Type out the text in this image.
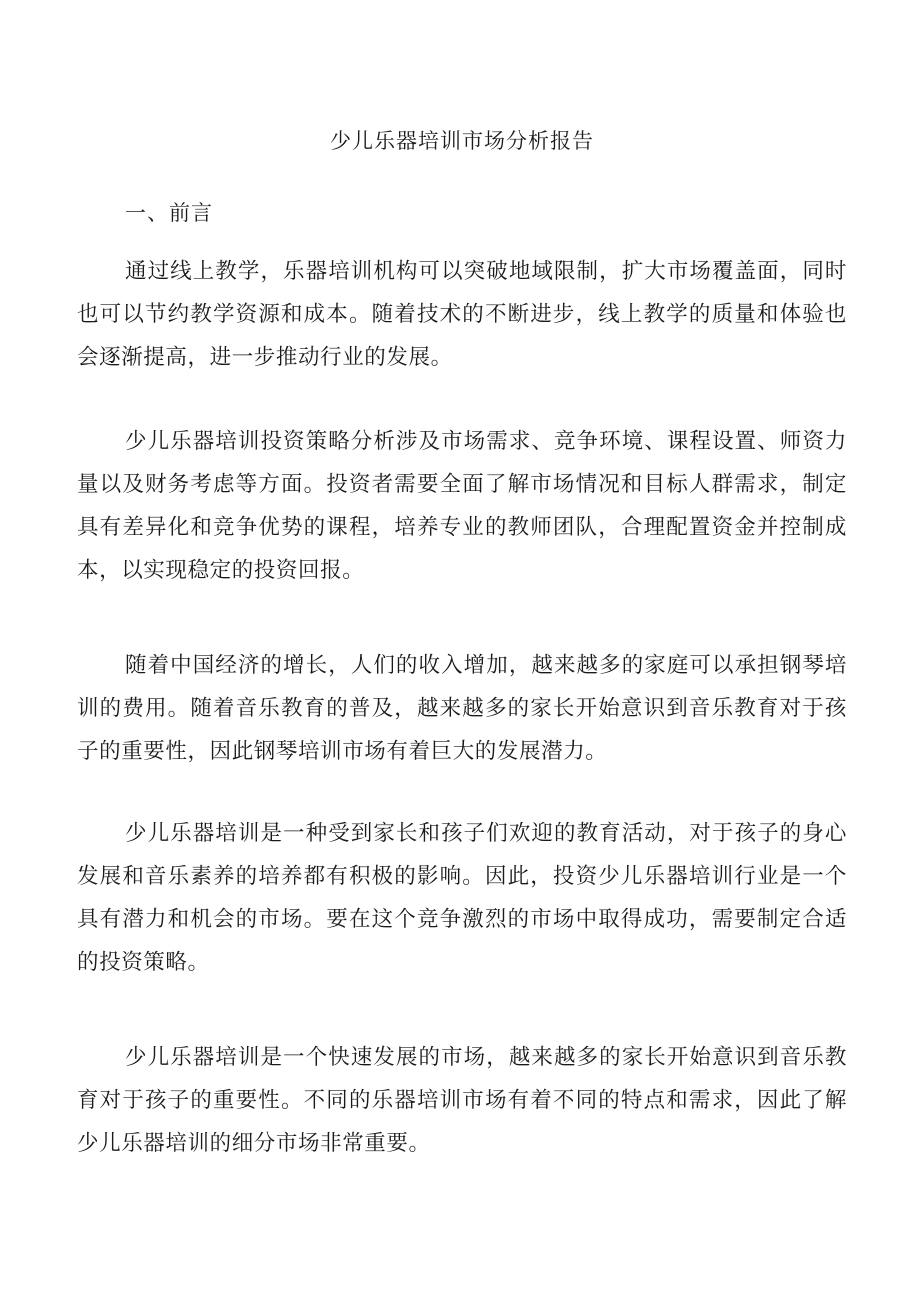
少儿乐器培训市场分析报告
一、前言

通过线上教学，乐器培训机构可以突破地域限制，扩大市场覆盖面，同时也可以节约教学资源和成本。随着技术的不断进步，线上教学的质量和体验也会逐渐提高，进一步推动行业的发展。

少儿乐器培训投资策略分析涉及市场需求、竞争环境、课程设置、师资力量以及财务考虑等方面。投资者需要全面了解市场情况和目标人群需求，制定具有差异化和竞争优势的课程，培养专业的教师团队，合理配置资金并控制成本，以实现稳定的投资回报。

随着中国经济的增长，人们的收入增加，越来越多的家庭可以承担钢琴培训的费用。随着音乐教育的普及，越来越多的家长开始意识到音乐教育对于孩子的重要性，因此钢琴培训市场有着巨大的发展潜力。

少儿乐器培训是一种受到家长和孩子们欢迎的教育活动，对于孩子的身心发展和音乐素养的培养都有积极的影响。因此，投资少儿乐器培训行业是一个具有潜力和机会的市场。要在这个竞争激烈的市场中取得成功，需要制定合适的投资策略。

少儿乐器培训是一个快速发展的市场，越来越多的家长开始意识到音乐教育对于孩子的重要性。不同的乐器培训市场有着不同的特点和需求，因此了解少儿乐器培训的细分市场非常重要。
